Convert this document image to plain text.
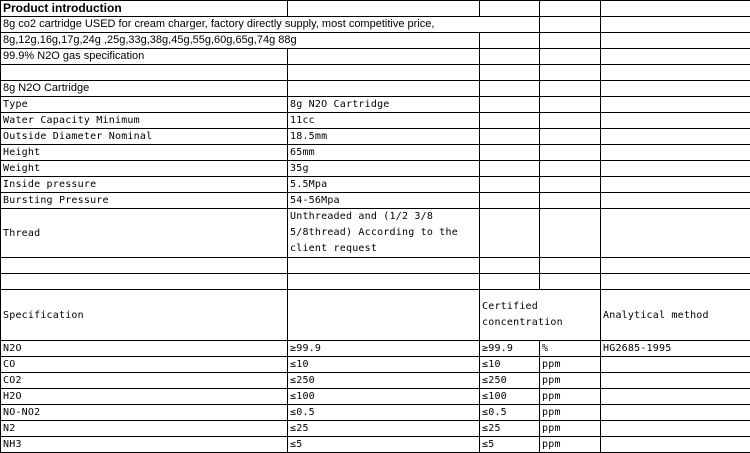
Product introduction				
8g co2 cartridge USED for cream charger, factory directly supply, most competitive price,				
8g,12g,16g,17g,24g ,25g,33g,38g,45g,55g,60g,65g,74g 88g				
99.9% N2O gas specification				

8g N2O Cartridge				
Type	8g N2O Cartridge			
Water Capacity Minimum	11cc			
Outside Diameter Nominal	18.5mm			
Height	65mm			
Weight	35g			
Inside pressure	5.5Mpa			
Bursting Pressure	54-56Mpa			
Thread	Unthreaded and (1/2 3/8 5/8thread) According to the client request			

Specification		Certified concentration		Analytical method
N2O	≥99.9	≥99.9	%	HG2685-1995
CO	≤10	≤10	ppm	
CO2	≤250	≤250	ppm	
H2O	≤100	≤100	ppm	
NO-NO2	≤0.5	≤0.5	ppm	
N2	≤25	≤25	ppm	
NH3	≤5	≤5	ppm	
